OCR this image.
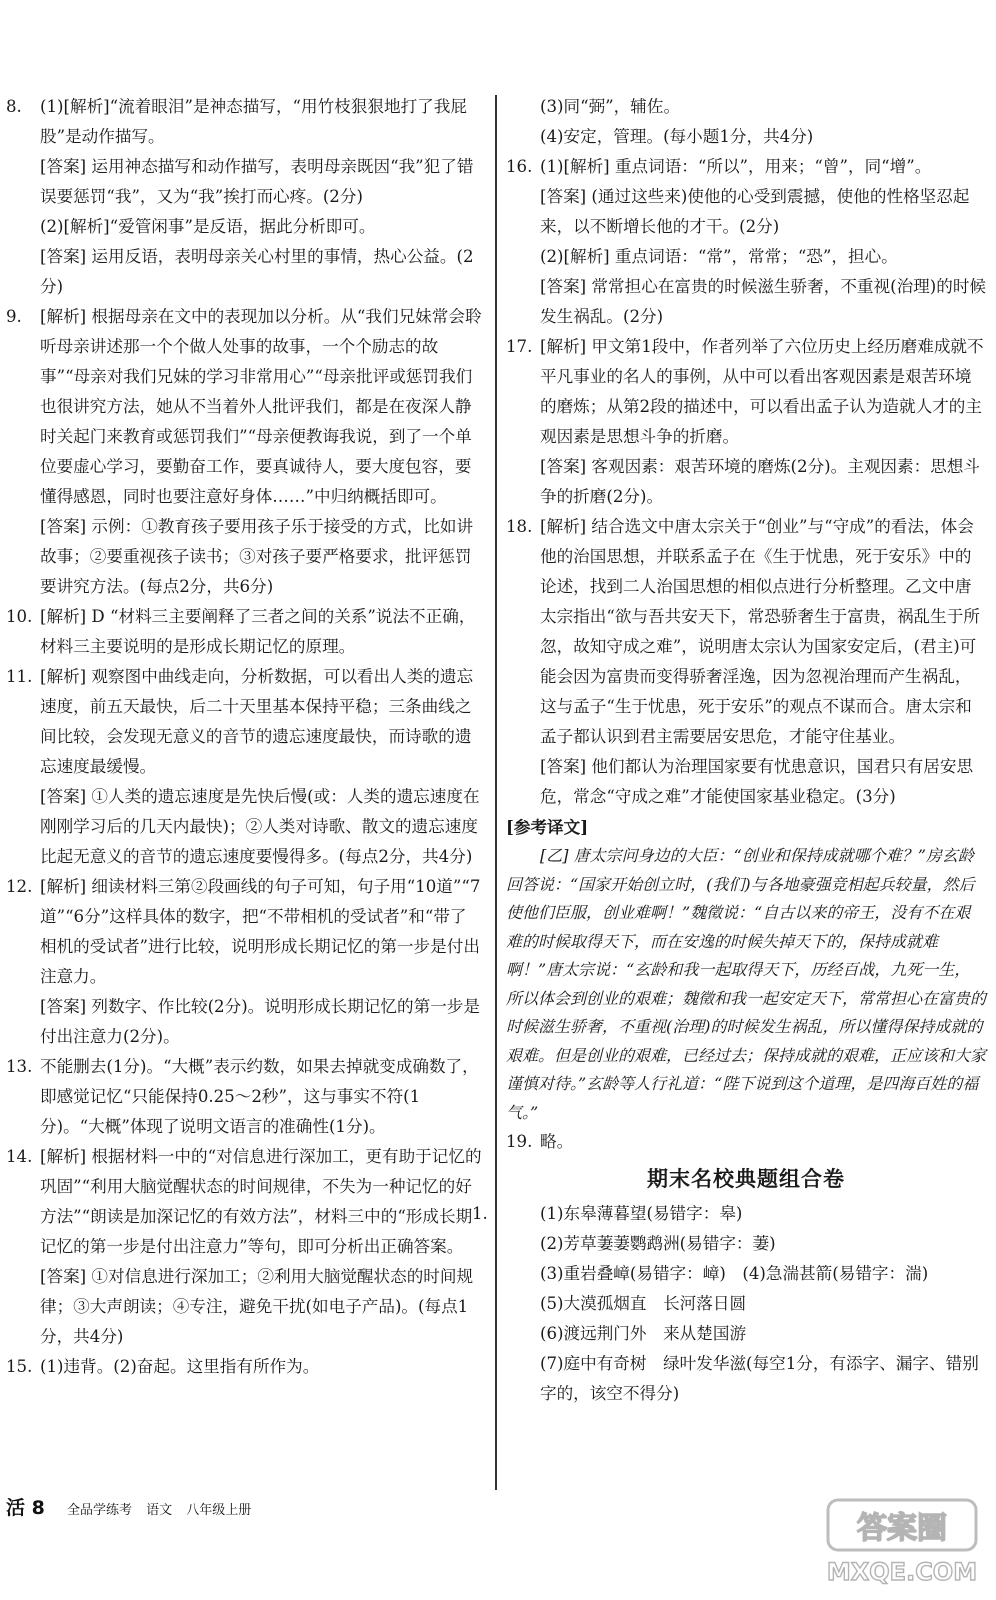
8. (1)[解析]“流着眼泪”是神态描写，“用竹枝狠狠地打了我屁股”是动作描写。
[答案] 运用神态描写和动作描写，表明母亲既因“我”犯了错误要惩罚“我”，又为“我”挨打而心疼。(2分)
(2)[解析]“爱管闲事”是反语，据此分析即可。
[答案] 运用反语，表明母亲关心村里的事情，热心公益。(2分)
9. [解析] 根据母亲在文中的表现加以分析。从“我们兄妹常会聆听母亲讲述那一个个做人处事的故事，一个个励志的故事”“母亲对我们兄妹的学习非常用心”“母亲批评或惩罚我们也很讲究方法，她从不当着外人批评我们，都是在夜深人静时关起门来教育或惩罚我们”“母亲便教诲我说，到了一个单位要虚心学习，要勤奋工作，要真诚待人，要大度包容，要懂得感恩，同时也要注意好身体……”中归纳概括即可。
[答案] 示例：①教育孩子要用孩子乐于接受的方式，比如讲故事；②要重视孩子读书；③对孩子要严格要求，批评惩罚要讲究方法。(每点2分，共6分)
10. [解析] D “材料三主要阐释了三者之间的关系”说法不正确，材料三主要说明的是形成长期记忆的原理。
11. [解析] 观察图中曲线走向，分析数据，可以看出人类的遗忘速度，前五天最快，后二十天里基本保持平稳；三条曲线之间比较，会发现无意义的音节的遗忘速度最快，而诗歌的遗忘速度最缓慢。
[答案] ①人类的遗忘速度是先快后慢(或：人类的遗忘速度在刚刚学习后的几天内最快)；②人类对诗歌、散文的遗忘速度比起无意义的音节的遗忘速度要慢得多。(每点2分，共4分)
12. [解析] 细读材料三第②段画线的句子可知，句子用“10道”“7道”“6分”这样具体的数字，把“不带相机的受试者”和“带了相机的受试者”进行比较，说明形成长期记忆的第一步是付出注意力。
[答案] 列数字、作比较(2分)。说明形成长期记忆的第一步是付出注意力(2分)。
13. 不能删去(1分)。“大概”表示约数，如果去掉就变成确数了，即感觉记忆“只能保持0.25～2秒”，这与事实不符(1分)。“大概”体现了说明文语言的准确性(1分)。
14. [解析] 根据材料一中的“对信息进行深加工，更有助于记忆的巩固”“利用大脑觉醒状态的时间规律，不失为一种记忆的好方法”“朗读是加深记忆的有效方法”，材料三中的“形成长期记忆的第一步是付出注意力”等句，即可分析出正确答案。
[答案] ①对信息进行深加工；②利用大脑觉醒状态的时间规律；③大声朗读；④专注，避免干扰(如电子产品)。(每点1分，共4分)
15. (1)违背。(2)奋起。这里指有所作为。
(3)同“弼”，辅佐。
(4)安定，管理。(每小题1分，共4分)
16. (1)[解析] 重点词语：“所以”，用来；“曾”，同“增”。
[答案] (通过这些来)使他的心受到震撼，使他的性格坚忍起来，以不断增长他的才干。(2分)
(2)[解析] 重点词语：“常”，常常；“恐”，担心。
[答案] 常常担心在富贵的时候滋生骄奢，不重视(治理)的时候发生祸乱。(2分)
17. [解析] 甲文第1段中，作者列举了六位历史上经历磨难成就不平凡事业的名人的事例，从中可以看出客观因素是艰苦环境的磨炼；从第2段的描述中，可以看出孟子认为造就人才的主观因素是思想斗争的折磨。
[答案] 客观因素：艰苦环境的磨炼(2分)。主观因素：思想斗争的折磨(2分)。
18. [解析] 结合选文中唐太宗关于“创业”与“守成”的看法，体会他的治国思想，并联系孟子在《生于忧患，死于安乐》中的论述，找到二人治国思想的相似点进行分析整理。乙文中唐太宗指出“欲与吾共安天下，常恐骄奢生于富贵，祸乱生于所忽，故知守成之难”，说明唐太宗认为国家安定后，(君主)可能会因为富贵而变得骄奢淫逸，因为忽视治理而产生祸乱，这与孟子“生于忧患，死于安乐”的观点不谋而合。唐太宗和孟子都认识到君主需要居安思危，才能守住基业。
[答案] 他们都认为治理国家要有忧患意识，国君只有居安思危，常念“守成之难”才能使国家基业稳定。(3分)
[参考译文]

[乙] 唐太宗问身边的大臣：“创业和保持成就哪个难？”房玄龄回答说：“国家开始创立时，(我们)与各地豪强竞相起兵较量，然后使他们臣服，创业难啊！”魏徵说：“自古以来的帝王，没有不在艰难的时候取得天下，而在安逸的时候失掉天下的，保持成就难啊！”唐太宗说：“玄龄和我一起取得天下，历经百战，九死一生，所以体会到创业的艰难；魏徵和我一起安定天下，常常担心在富贵的时候滋生骄奢，不重视(治理)的时候发生祸乱，所以懂得保持成就的艰难。但是创业的艰难，已经过去；保持成就的艰难，正应该和大家谨慎对待。”玄龄等人行礼道：“陛下说到这个道理，是四海百姓的福气。”

19. 略。
期末名校典题组合卷
1.	(1)东皋薄暮望(易错字：皋)
(2)芳草萋萋鹦鹉洲(易错字：萋)
(3)重岩叠嶂(易错字：嶂)　(4)急湍甚箭(易错字：湍)
(5)大漠孤烟直　长河落日圆
(6)渡远荆门外　来从楚国游
(7)庭中有奇树　绿叶发华滋(每空1分，有添字、漏字、错别字的，该空不得分)
活 8 全品学练考 语文 八年级上册
答案圈
MXQE.COM
